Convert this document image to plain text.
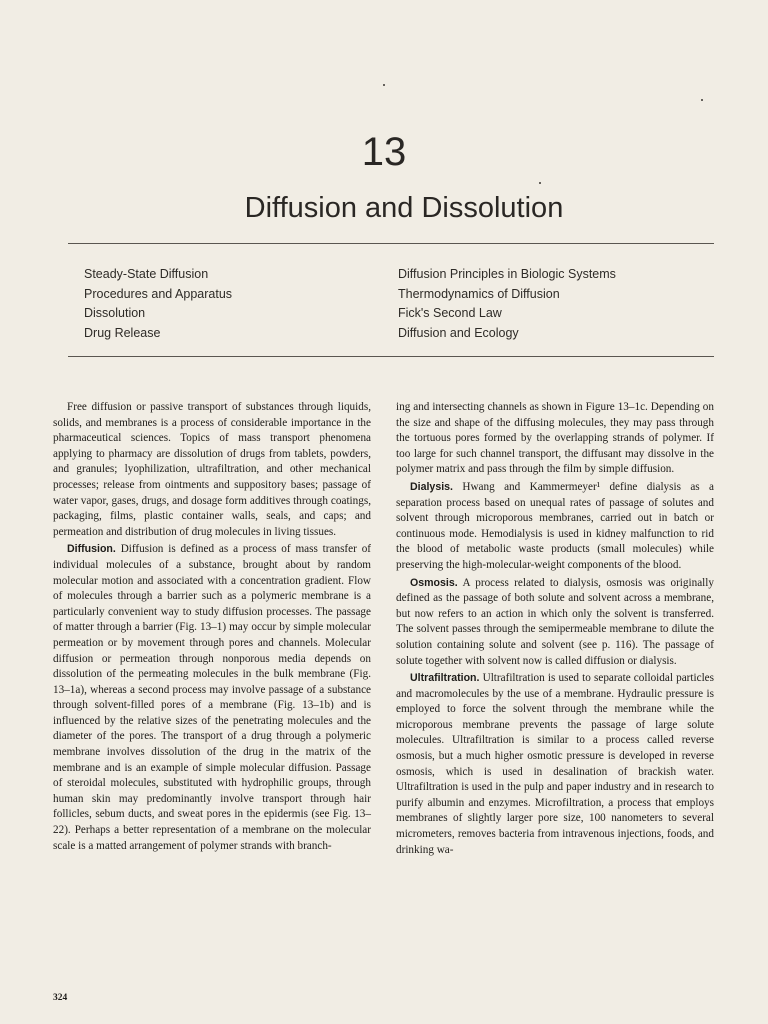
13
Diffusion and Dissolution
Steady-State Diffusion
Procedures and Apparatus
Dissolution
Drug Release
Diffusion Principles in Biologic Systems
Thermodynamics of Diffusion
Fick's Second Law
Diffusion and Ecology

Free diffusion or passive transport of substances through liquids, solids, and membranes is a process of considerable importance in the pharmaceutical sciences. Topics of mass transport phenomena applying to pharmacy are dissolution of drugs from tablets, powders, and granules; lyophilization, ultrafiltration, and other mechanical processes; release from ointments and suppository bases; passage of water vapor, gases, drugs, and dosage form additives through coatings, packaging, films, plastic container walls, seals, and caps; and permeation and distribution of drug molecules in living tissues.

Diffusion. Diffusion is defined as a process of mass transfer of individual molecules of a substance, brought about by random molecular motion and associated with a concentration gradient. Flow of molecules through a barrier such as a polymeric membrane is a particularly convenient way to study diffusion processes. The passage of matter through a barrier (Fig. 13–1) may occur by simple molecular permeation or by movement through pores and channels. Molecular diffusion or permeation through nonporous media depends on dissolution of the permeating molecules in the bulk membrane (Fig. 13–1a), whereas a second process may involve passage of a substance through solvent-filled pores of a membrane (Fig. 13–1b) and is influenced by the relative sizes of the penetrating molecules and the diameter of the pores. The transport of a drug through a polymeric membrane involves dissolution of the drug in the matrix of the membrane and is an example of simple molecular diffusion. Passage of steroidal molecules, substituted with hydrophilic groups, through human skin may predominantly involve transport through hair follicles, sebum ducts, and sweat pores in the epidermis (see Fig. 13–22). Perhaps a better representation of a membrane on the molecular scale is a matted arrangement of polymer strands with branch-

ing and intersecting channels as shown in Figure 13–1c. Depending on the size and shape of the diffusing molecules, they may pass through the tortuous pores formed by the overlapping strands of polymer. If too large for such channel transport, the diffusant may dissolve in the polymer matrix and pass through the film by simple diffusion.

Dialysis. Hwang and Kammermeyer¹ define dialysis as a separation process based on unequal rates of passage of solutes and solvent through microporous membranes, carried out in batch or continuous mode. Hemodialysis is used in kidney malfunction to rid the blood of metabolic waste products (small molecules) while preserving the high-molecular-weight components of the blood.

Osmosis. A process related to dialysis, osmosis was originally defined as the passage of both solute and solvent across a membrane, but now refers to an action in which only the solvent is transferred. The solvent passes through the semipermeable membrane to dilute the solution containing solute and solvent (see p. 116). The passage of solute together with solvent now is called diffusion or dialysis.

Ultrafiltration. Ultrafiltration is used to separate colloidal particles and macromolecules by the use of a membrane. Hydraulic pressure is employed to force the solvent through the membrane while the microporous membrane prevents the passage of large solute molecules. Ultrafiltration is similar to a process called reverse osmosis, but a much higher osmotic pressure is developed in reverse osmosis, which is used in desalination of brackish water. Ultrafiltration is used in the pulp and paper industry and in research to purify albumin and enzymes. Microfiltration, a process that employs membranes of slightly larger pore size, 100 nanometers to several micrometers, removes bacteria from intravenous injections, foods, and drinking wa-

324
